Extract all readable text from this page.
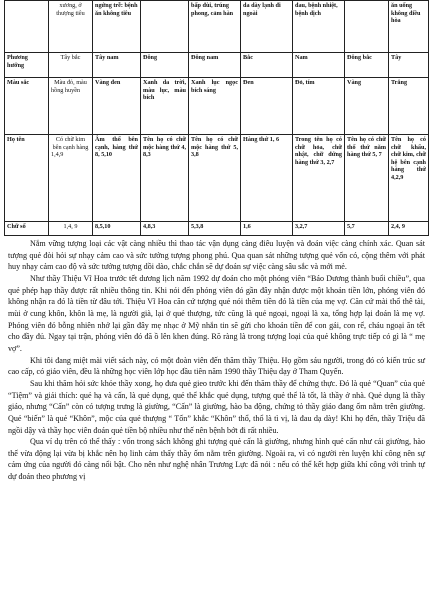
	xương, ở thượng tiêu	ngứng trễ: bệnh ăn không tiêu		bấp đùi, trúng phong, cảm hàn	da dày lạnh đi ngoài	đau, bệnh nhiệt, bệnh dịch		ăn uống không điều hòa
Phương hướng	Tây bắc	Tây nam	Đông	Đông nam	Bắc	Nam	Đông bắc	Tây
Màu sắc	Màu đỏ, màu hồng huyền	Vàng đen	Xanh da trời, màu lục, màu bích	Xanh lục ngọc bích sáng	Đen	Đỏ, tím	Vàng	Trắng
Họ tên	Có chữ kim bên cạnh hàng 1,4,9	Âm thổ bên cạnh, hàng thứ 8, 5,10	Tên họ có chữ mộc hàng thứ 4, 8,3	Tên họ có chữ mộc hàng thứ 5, 3,8	Hàng thứ 1, 6	Trong tên họ có chữ hỏa, chữ nhật, chữ đứng hàng thứ 3, 2,7	Tên họ có chữ thổ thứ năm hàng thứ 5, 7	Tên họ có chữ khẩu, chữ kim, chữ hệ bên cạnh hàng thứ 4,2,9
Chữ số	1,4, 9	8,5,10	4,8,3	5,3,8	1,6	3,2,7	5,7	2,4, 9

Nắm vững tượng loại các vật càng nhiều thì thao tác vận dụng càng điêu luyện và đoán việc càng chính xác. Quan sát tượng quẻ đòi hỏi sự nhạy cảm cao và sức tưởng tượng phong phú. Qua quan sát những tượng quẻ vốn có, cộng thêm với phát huy nhạy cảm cao độ và sức tưởng tượng dồi dào, chắc chắn sẽ dự đoán sự việc càng sâu sắc và mới mẻ.

Như thầy Thiệu Vĩ Hoa trước tết dương lịch năm 1992 dự đoán cho một phóng viên “Báo Dương thành buổi chiều”, qua quẻ phép hạp thầy được rất nhiều thông tin. Khi nói đến phóng viên đó gần đây nhận được một khoản tiền lớn, phóng viên đó không nhận ra đó là tiền từ đâu tới. Thiệu Vĩ Hoa căn cứ tượng quẻ nói thêm tiền đó là tiền của mẹ vợ. Căn cứ mài thổ thê tài, mùi ở cung khôn, khôn là mẹ, là người già, lại ở quẻ thượng, tức cũng là quẻ ngoại, ngoại là xa, tổng hợp lại đoán là mẹ vợ. Phóng viên đó bỗng nhiên nhớ lại gần đây mẹ nhạc ở Mỹ nhắn tin sẽ gửi cho khoản tiền để con gái, con rể, cháu ngoại ăn tết cho đầy đủ. Ngay tại trận, phóng viên đó đã ồ lên khen đúng. Rõ ràng là trong tượng loại của quẻ không trực tiếp có gì là “ mẹ vợ”.

Khi tôi đang miệt mài viết sách này, có một đoàn viên đến thăm thầy Thiệu. Họ gồm sáu người, trong đó có kiến trúc sư cao cấp, có giáo viên, đều là những học viên lớp học đầu tiên năm 1990 thầy Thiệu dạy ở Tham Quyến.

Sau khi thăm hỏi sức khỏe thầy xong, họ đưa quẻ gieo trước khi đến thăm thầy để chứng thực. Đó là quẻ “Quan” của quẻ “Tiệm” và giải thích: quẻ hạ và cấn, là quẻ dụng, quẻ thể khắc quẻ dụng, tượng quẻ thể là tốt, là thầy ở nhà. Quẻ dụng là thầy giáo, nhưng “Cấn” còn có tượng trưng là giường, “Cấn” là giường, hào ba động, chứng tỏ thầy giáo đang ốm nằm trên giường. Quẻ “biến” là quẻ “Khôn”, mộc của quẻ thượng “ Tốn” khắc “Khôn” thổ, thổ là tì vị, là đau dạ dày! Khi họ đến, thầy Triệu đã ngồi dậy và thầy học viên đoán quẻ tiền bộ nhiều như thế nên bệnh bớt đi rất nhiều.

Qua ví dụ trên có thể thấy : vốn trong sách không ghi tượng quẻ cấn là giường, nhưng hình quẻ cấn như cái giường, hào thế vừa động lại vừa bị khắc nên họ linh cảm thấy thầy ốm nằm trên giường. Ngoài ra, vì có người rèn luyện khí công nên sự cảm ứng của người đó càng nổi bật. Cho nên như nghệ nhân Trương Lực đã nói : nếu có thể kết hợp giữa khí công với trình tự dự đoán theo phương vị
